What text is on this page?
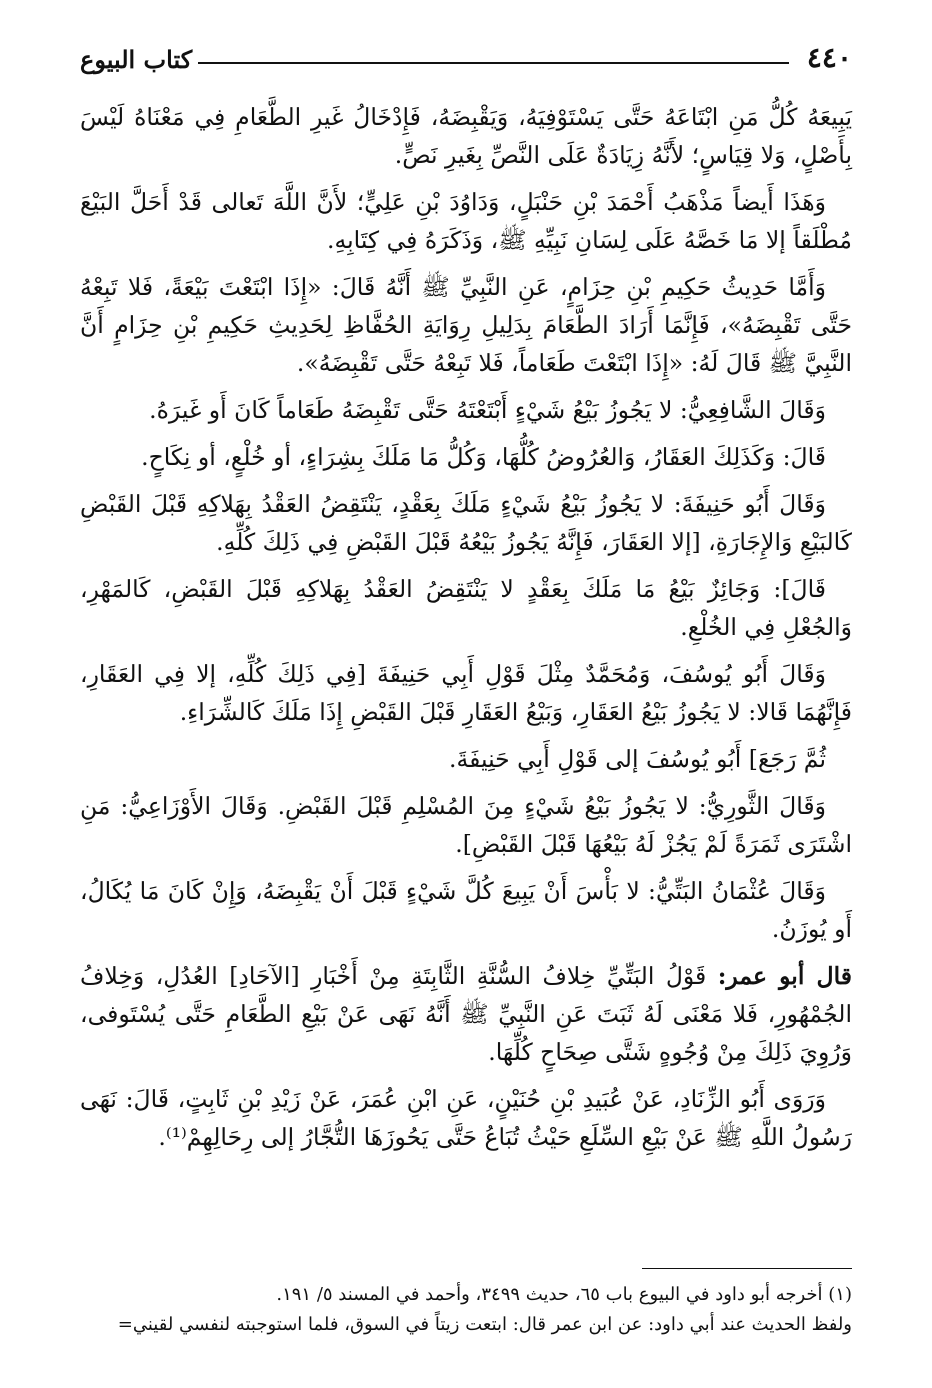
٤٤٠
كتاب البيوع

يَبِيعَهُ كُلُّ مَنِ ابْتَاعَهُ حَتَّى يَسْتَوْفِيَهُ، وَيَقْبِضَهُ، فَإِدْخَالُ غَيرِ الطَّعَامِ فِي مَعْنَاهُ لَيْسَ بِأَصْلٍ، وَلا قِيَاسٍ؛ لأَنَّهُ زِيَادَةٌ عَلَى النَّصِّ بِغَيرِ نَصٍّ.

وَهَذَا أَيضاً مَذْهَبُ أَحْمَدَ بْنِ حَنْبَلٍ، وَدَاوُدَ بْنِ عَلِيٍّ؛ لأَنَّ اللَّهَ تَعالى قَدْ أَحَلَّ البَيْعَ مُطْلَقاً إلا مَا خَصَّهُ عَلَى لِسَانِ نَبِيِّهِ ﷺ، وَذَكَرَهُ فِي كِتَابِهِ.

وَأَمَّا حَدِيثُ حَكِيمِ بْنِ حِزَامٍ، عَنِ النَّبِيِّ ﷺ أَنَّهُ قَالَ: «إِذَا ابْتَعْتَ بَيْعَةً، فَلا تَبِعْهُ حَتَّى تَقْبِضَهُ»، فَإِنَّمَا أَرَادَ الطَّعَامَ بِدَلِيلِ رِوَايَةِ الحُفَّاظِ لِحَدِيثِ حَكِيمِ بْنِ حِزَامٍ أَنَّ النَّبِيَّ ﷺ قَالَ لَهُ: «إِذَا ابْتَعْتَ طَعَاماً، فَلا تَبِعْهُ حَتَّى تَقْبِضَهُ».

وَقَالَ الشَّافِعِيُّ: لا يَجُوزُ بَيْعُ شَيْءٍ أَبْتَعْتَهُ حَتَّى تَقْبِضَهُ طَعَاماً كَانَ أَو غَيرَهُ.

قَالَ: وَكَذَلِكَ العَقَارُ، وَالعُرُوضُ كُلُّهَا، وَكُلُّ مَا مَلَكَ بِشِرَاءٍ، أو خُلْعٍ، أو نِكَاحٍ.

وَقَالَ أَبُو حَنِيفَةَ: لا يَجُوزُ بَيْعُ شَيْءٍ مَلَكَ بِعَقْدٍ، يَنْتَقِضُ العَقْدُ بِهَلاكِهِ قَبْلَ القَبْضِ كَالبَيْعِ وَالإِجَارَةِ، [إلا العَقَارَ، فَإِنَّهُ يَجُوزُ بَيْعُهُ قَبْلَ القَبْضِ فِي ذَلِكَ كُلِّهِ.

قَالَ]: وَجَائِزٌ بَيْعُ مَا مَلَكَ بِعَقْدٍ لا يَنْتَقِضُ العَقْدُ بِهَلاكِهِ قَبْلَ القَبْضِ، كَالمَهْرِ، وَالجُعْلِ فِي الخُلْعِ.

وَقَالَ أَبُو يُوسُفَ، وَمُحَمَّدٌ مِثْلَ قَوْلِ أَبِي حَنِيفَةَ [فِي ذَلِكَ كُلِّهِ، إلا فِي العَقَارِ، فَإِنَّهُمَا قَالا: لا يَجُوزُ بَيْعُ العَقَارِ، وَبَيْعُ العَقَارِ قَبْلَ القَبْضِ إِذَا مَلَكَ كَالشِّرَاءِ.

ثُمَّ رَجَعَ] أَبُو يُوسُفَ إلى قَوْلِ أَبِي حَنِيفَةَ.

وَقَالَ الثَّورِيُّ: لا يَجُوزُ بَيْعُ شَيْءٍ مِنَ المُسْلِمِ قَبْلَ القَبْضِ. وَقَالَ الأَوْزَاعِيُّ: مَنِ اشْتَرَى ثَمَرَةً لَمْ يَجُزْ لَهُ بَيْعُهَا قَبْلَ القَبْضِ].

وَقَالَ عُثْمَانُ البَتِّيُّ: لا بَأْسَ أَنْ يَبِيعَ كُلَّ شَيْءٍ قَبْلَ أَنْ يَقْبِضَهُ، وَإِنْ كَانَ مَا يُكَالُ، أَو يُوزَنُ.

قال أبو عمر: قَوْلُ البَتِّيِّ خِلافُ السُّنَّةِ الثَّابِتَةِ مِنْ أَخْبَارِ [الآحَادِ] العُدُلِ، وَخِلافُ الجُمْهُورِ، فَلا مَعْنَى لَهُ ثَبَتَ عَنِ النَّبِيِّ ﷺ أَنَّهُ نَهَى عَنْ بَيْعِ الطَّعَامِ حَتَّى يُسْتَوفى، وَرُوِيَ ذَلِكَ مِنْ وُجُوهٍ شَتَّى صِحَاحٍ كُلِّهَا.

وَرَوَى أَبُو الزِّنَادِ، عَنْ عُبَيدِ بْنِ حُنَيْنٍ، عَنِ ابْنِ عُمَرَ، عَنْ زَيْدِ بْنِ ثَابِتٍ، قَالَ: نَهَى رَسُولُ اللَّهِ ﷺ عَنْ بَيْعِ السِّلَعِ حَيْثُ تُبَاعُ حَتَّى يَحُوزَهَا التُّجَّارُ إلى رِحَالِهِمْ⁽¹⁾.

(١) أخرجه أبو داود في البيوع باب ٦٥، حديث ٣٤٩٩، وأحمد في المسند ٥/ ١٩١.

ولفظ الحديث عند أبي داود: عن ابن عمر قال: ابتعت زيتاً في السوق، فلما استوجبته لنفسي لقيني=
